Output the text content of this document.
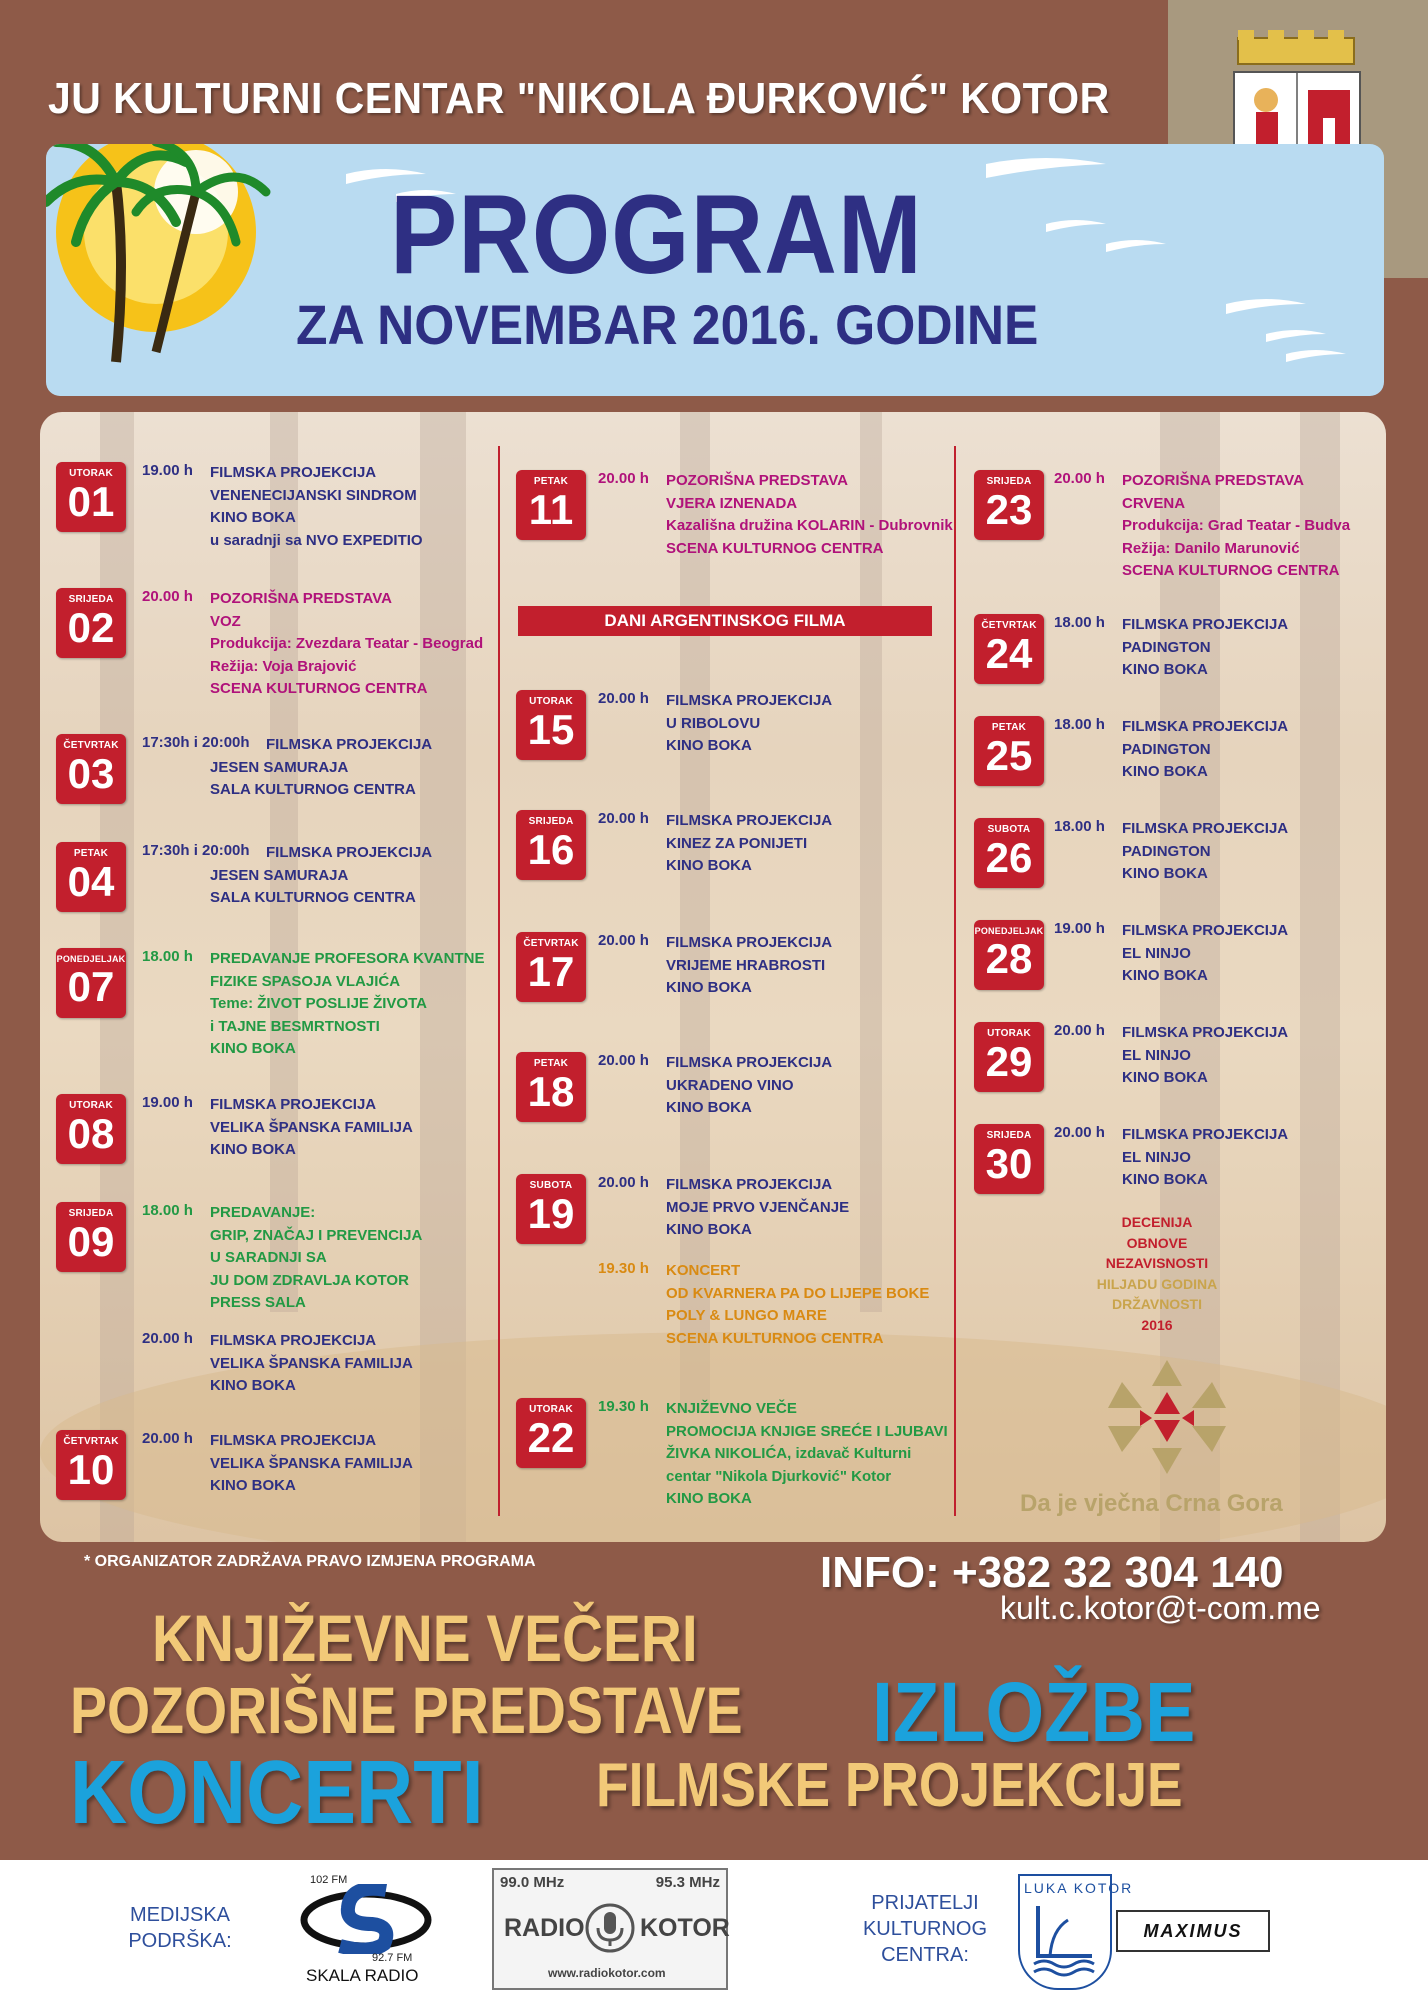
JU KULTURNI CENTAR "NIKOLA ĐURKOVIĆ" KOTOR
PROGRAM
ZA NOVEMBAR 2016. GODINE
UTORAK
01
19.00 h FILMSKA PROJEKCIJA
VENENECIJANSKI SINDROM
KINO BOKA
u saradnji sa NVO EXPEDITIO
SRIJEDA
02
20.00 h POZORIŠNA PREDSTAVA
VOZ
Produkcija: Zvezdara Teatar - Beograd
Režija: Voja Brajović
SCENA KULTURNOG CENTRA
ČETVRTAK
03
17:30h i 20:00h	FILMSKA PROJEKCIJA
JESEN SAMURAJA
SALA KULTURNOG CENTRA
PETAK
04
17:30h i 20:00h	FILMSKA PROJEKCIJA
JESEN SAMURAJA
SALA KULTURNOG CENTRA
PONEDJELJAK
07
18.00 h PREDAVANJE PROFESORA KVANTNE
FIZIKE SPASOJA VLAJIĆA
Teme: ŽIVOT POSLIJE ŽIVOTA
i TAJNE BESMRTNOSTI
KINO BOKA
UTORAK
08
19.00 h FILMSKA PROJEKCIJA
VELIKA ŠPANSKA FAMILIJA
KINO BOKA
SRIJEDA
09
18.00 h PREDAVANJE:
GRIP, ZNAČAJ I PREVENCIJA
U SARADNJI SA
JU DOM ZDRAVLJA KOTOR
PRESS SALA
20.00 h FILMSKA PROJEKCIJA
VELIKA ŠPANSKA FAMILIJA
KINO BOKA
ČETVRTAK
10
20.00 h FILMSKA PROJEKCIJA
VELIKA ŠPANSKA FAMILIJA
KINO BOKA
PETAK
11
20.00 h POZORIŠNA PREDSTAVA
VJERA IZNENADA
Kazališna družina KOLARIN - Dubrovnik
SCENA KULTURNOG CENTRA
DANI ARGENTINSKOG FILMA
UTORAK
15
20.00 h FILMSKA PROJEKCIJA
U RIBOLOVU
KINO BOKA
SRIJEDA
16
20.00 h FILMSKA PROJEKCIJA
KINEZ ZA PONIJETI
KINO BOKA
ČETVRTAK
17
20.00 h FILMSKA PROJEKCIJA
VRIJEME HRABROSTI
KINO BOKA
PETAK
18
20.00 h FILMSKA PROJEKCIJA
UKRADENO VINO
KINO BOKA
SUBOTA
19
20.00 h FILMSKA PROJEKCIJA
MOJE PRVO VJENČANJE
KINO BOKA
19.30 h KONCERT
OD KVARNERA PA DO LIJEPE BOKE
POLY & LUNGO MARE
SCENA KULTURNOG CENTRA
UTORAK
22
19.30 h KNJIŽEVNO VEČE
PROMOCIJA KNJIGE SREĆE I LJUBAVI
ŽIVKA NIKOLIĆA, izdavač Kulturni
centar "Nikola Djurković" Kotor
KINO BOKA
SRIJEDA
23
20.00 h POZORIŠNA PREDSTAVA
CRVENA
Produkcija: Grad Teatar - Budva
Režija: Danilo Marunović
SCENA KULTURNOG CENTRA
ČETVRTAK
24
18.00 h FILMSKA PROJEKCIJA
PADINGTON
KINO BOKA
PETAK
25
18.00 h FILMSKA PROJEKCIJA
PADINGTON
KINO BOKA
SUBOTA
26
18.00 h FILMSKA PROJEKCIJA
PADINGTON
KINO BOKA
PONEDJELJAK
28
19.00 h FILMSKA PROJEKCIJA
EL NINJO
KINO BOKA
UTORAK
29
20.00 h FILMSKA PROJEKCIJA
EL NINJO
KINO BOKA
SRIJEDA
30
20.00 h FILMSKA PROJEKCIJA
EL NINJO
KINO BOKA
DECENIJA
OBNOVE
NEZAVISNOSTI
HILJADU GODINA
DRŽAVNOSTI
2016
Da je vječna Crna Gora
* ORGANIZATOR ZADRŽAVA PRAVO IZMJENA PROGRAMA	INFO: +382 32 304 140
kult.c.kotor@t-com.me
KNJIŽEVNE VEČERI
POZORIŠNE PREDSTAVE IZLOŽBE
KONCERTI FILMSKE PROJEKCIJE
MEDIJSKA
PODRŠKA:
102 FM
92.7 FM
SKALA RADIO
99.0 MHz	95.3 MHz
RADIO KOTOR
www.radiokotor.com
PRIJATELJI
KULTURNOG
CENTRA:
LUKA KOTOR
MAXIMUS
